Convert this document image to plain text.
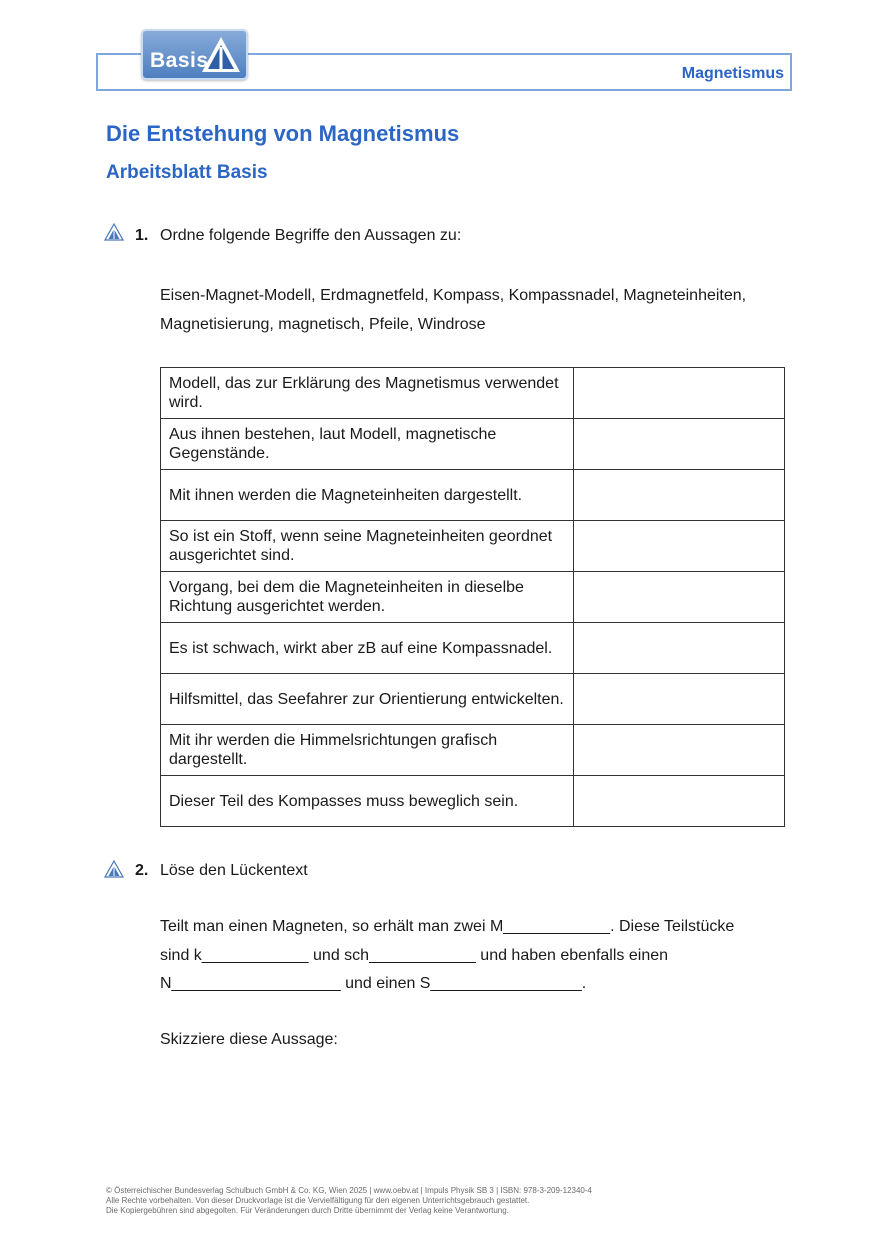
Basis
Magnetismus
Die Entstehung von Magnetismus
Arbeitsblatt Basis
1. Ordne folgende Begriffe den Aussagen zu:

Eisen-Magnet-Modell, Erdmagnetfeld, Kompass, Kompassnadel, Magneteinheiten,
Magnetisierung, magnetisch, Pfeile, Windrose

Modell, das zur Erklärung des Magnetismus verwendet wird.	
Aus ihnen bestehen, laut Modell, magnetische Gegenstände.	
Mit ihnen werden die Magneteinheiten dargestellt.	
So ist ein Stoff, wenn seine Magneteinheiten geordnet ausgerichtet sind.	
Vorgang, bei dem die Magneteinheiten in dieselbe Richtung ausgerichtet werden.	
Es ist schwach, wirkt aber zB auf eine Kompassnadel.	
Hilfsmittel, das Seefahrer zur Orientierung entwickelten.	
Mit ihr werden die Himmelsrichtungen grafisch dargestellt.	
Dieser Teil des Kompasses muss beweglich sein.	
2. Löse den Lückentext

Teilt man einen Magneten, so erhält man zwei M____________. Diese Teilstücke
sind k____________ und sch____________ und haben ebenfalls einen
N___________________ und einen S_________________.

Skizziere diese Aussage:
© Österreichischer Bundesverlag Schulbuch GmbH & Co. KG, Wien 2025 | www.oebv.at | Impuls Physik SB 3 | ISBN: 978-3-209-12340-4
Alle Rechte vorbehalten. Von dieser Druckvorlage ist die Vervielfältigung für den eigenen Unterrichtsgebrauch gestattet.
Die Kopiergebühren sind abgegolten. Für Veränderungen durch Dritte übernimmt der Verlag keine Verantwortung.
